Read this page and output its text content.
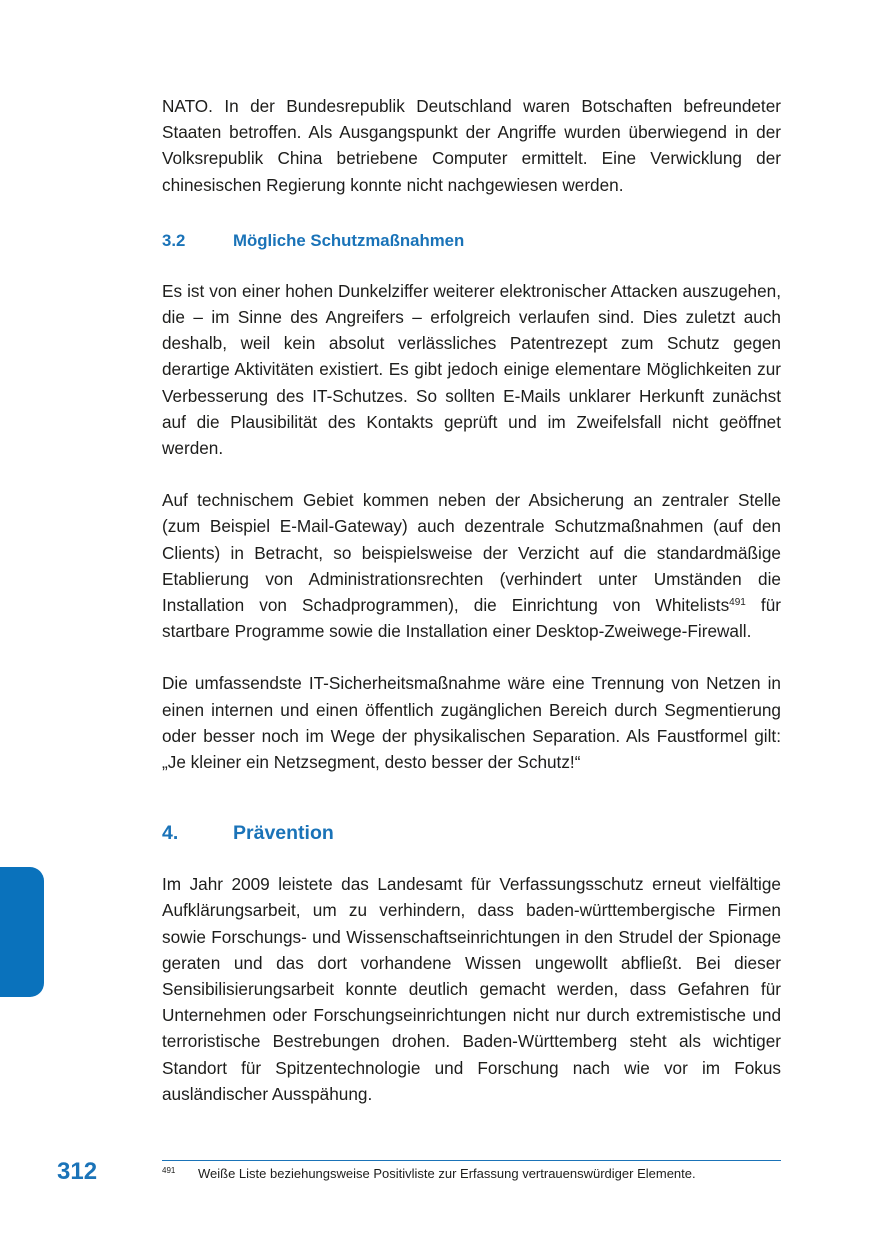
NATO. In der Bundesrepublik Deutschland waren Botschaften befreundeter Staaten betroffen. Als Ausgangspunkt der Angriffe wurden überwiegend in der Volksrepublik China betriebene Computer ermittelt. Eine Verwicklung der chinesischen Regierung konnte nicht nachgewiesen werden.

3.2	Mögliche Schutzmaßnahmen

Es ist von einer hohen Dunkelziffer weiterer elektronischer Attacken auszugehen, die – im Sinne des Angreifers – erfolgreich verlaufen sind. Dies zuletzt auch deshalb, weil kein absolut verlässliches Patentrezept zum Schutz gegen derartige Aktivitäten existiert. Es gibt jedoch einige elementare Möglichkeiten zur Verbesserung des IT-Schutzes. So sollten E-Mails unklarer Herkunft zunächst auf die Plausibilität des Kontakts geprüft und im Zweifelsfall nicht geöffnet werden.

Auf technischem Gebiet kommen neben der Absicherung an zentraler Stelle (zum Beispiel E-Mail-Gateway) auch dezentrale Schutzmaßnahmen (auf den Clients) in Betracht, so beispielsweise der Verzicht auf die standardmäßige Etablierung von Administrationsrechten (verhindert unter Umständen die Installation von Schadprogrammen), die Einrichtung von Whitelists$^{491}$ für startbare Programme sowie die Installation einer Desktop-Zweiwege-Firewall.

Die umfassendste IT-Sicherheitsmaßnahme wäre eine Trennung von Netzen in einen internen und einen öffentlich zugänglichen Bereich durch Segmentierung oder besser noch im Wege der physikalischen Separation. Als Faustformel gilt: „Je kleiner ein Netzsegment, desto besser der Schutz!“

4.	Prävention

Im Jahr 2009 leistete das Landesamt für Verfassungsschutz erneut vielfältige Aufklärungsarbeit, um zu verhindern, dass baden-württembergische Firmen sowie Forschungs- und Wissenschaftseinrichtungen in den Strudel der Spionage geraten und das dort vorhandene Wissen ungewollt abfließt. Bei dieser Sensibilisierungsarbeit konnte deutlich gemacht werden, dass Gefahren für Unternehmen oder Forschungseinrichtungen nicht nur durch extremistische und terroristische Bestrebungen drohen. Baden-Württemberg steht als wichtiger Standort für Spitzentechnologie und Forschung nach wie vor im Fokus ausländischer Ausspähung.

312	491 Weiße Liste beziehungsweise Positivliste zur Erfassung vertrauenswürdiger Elemente.
